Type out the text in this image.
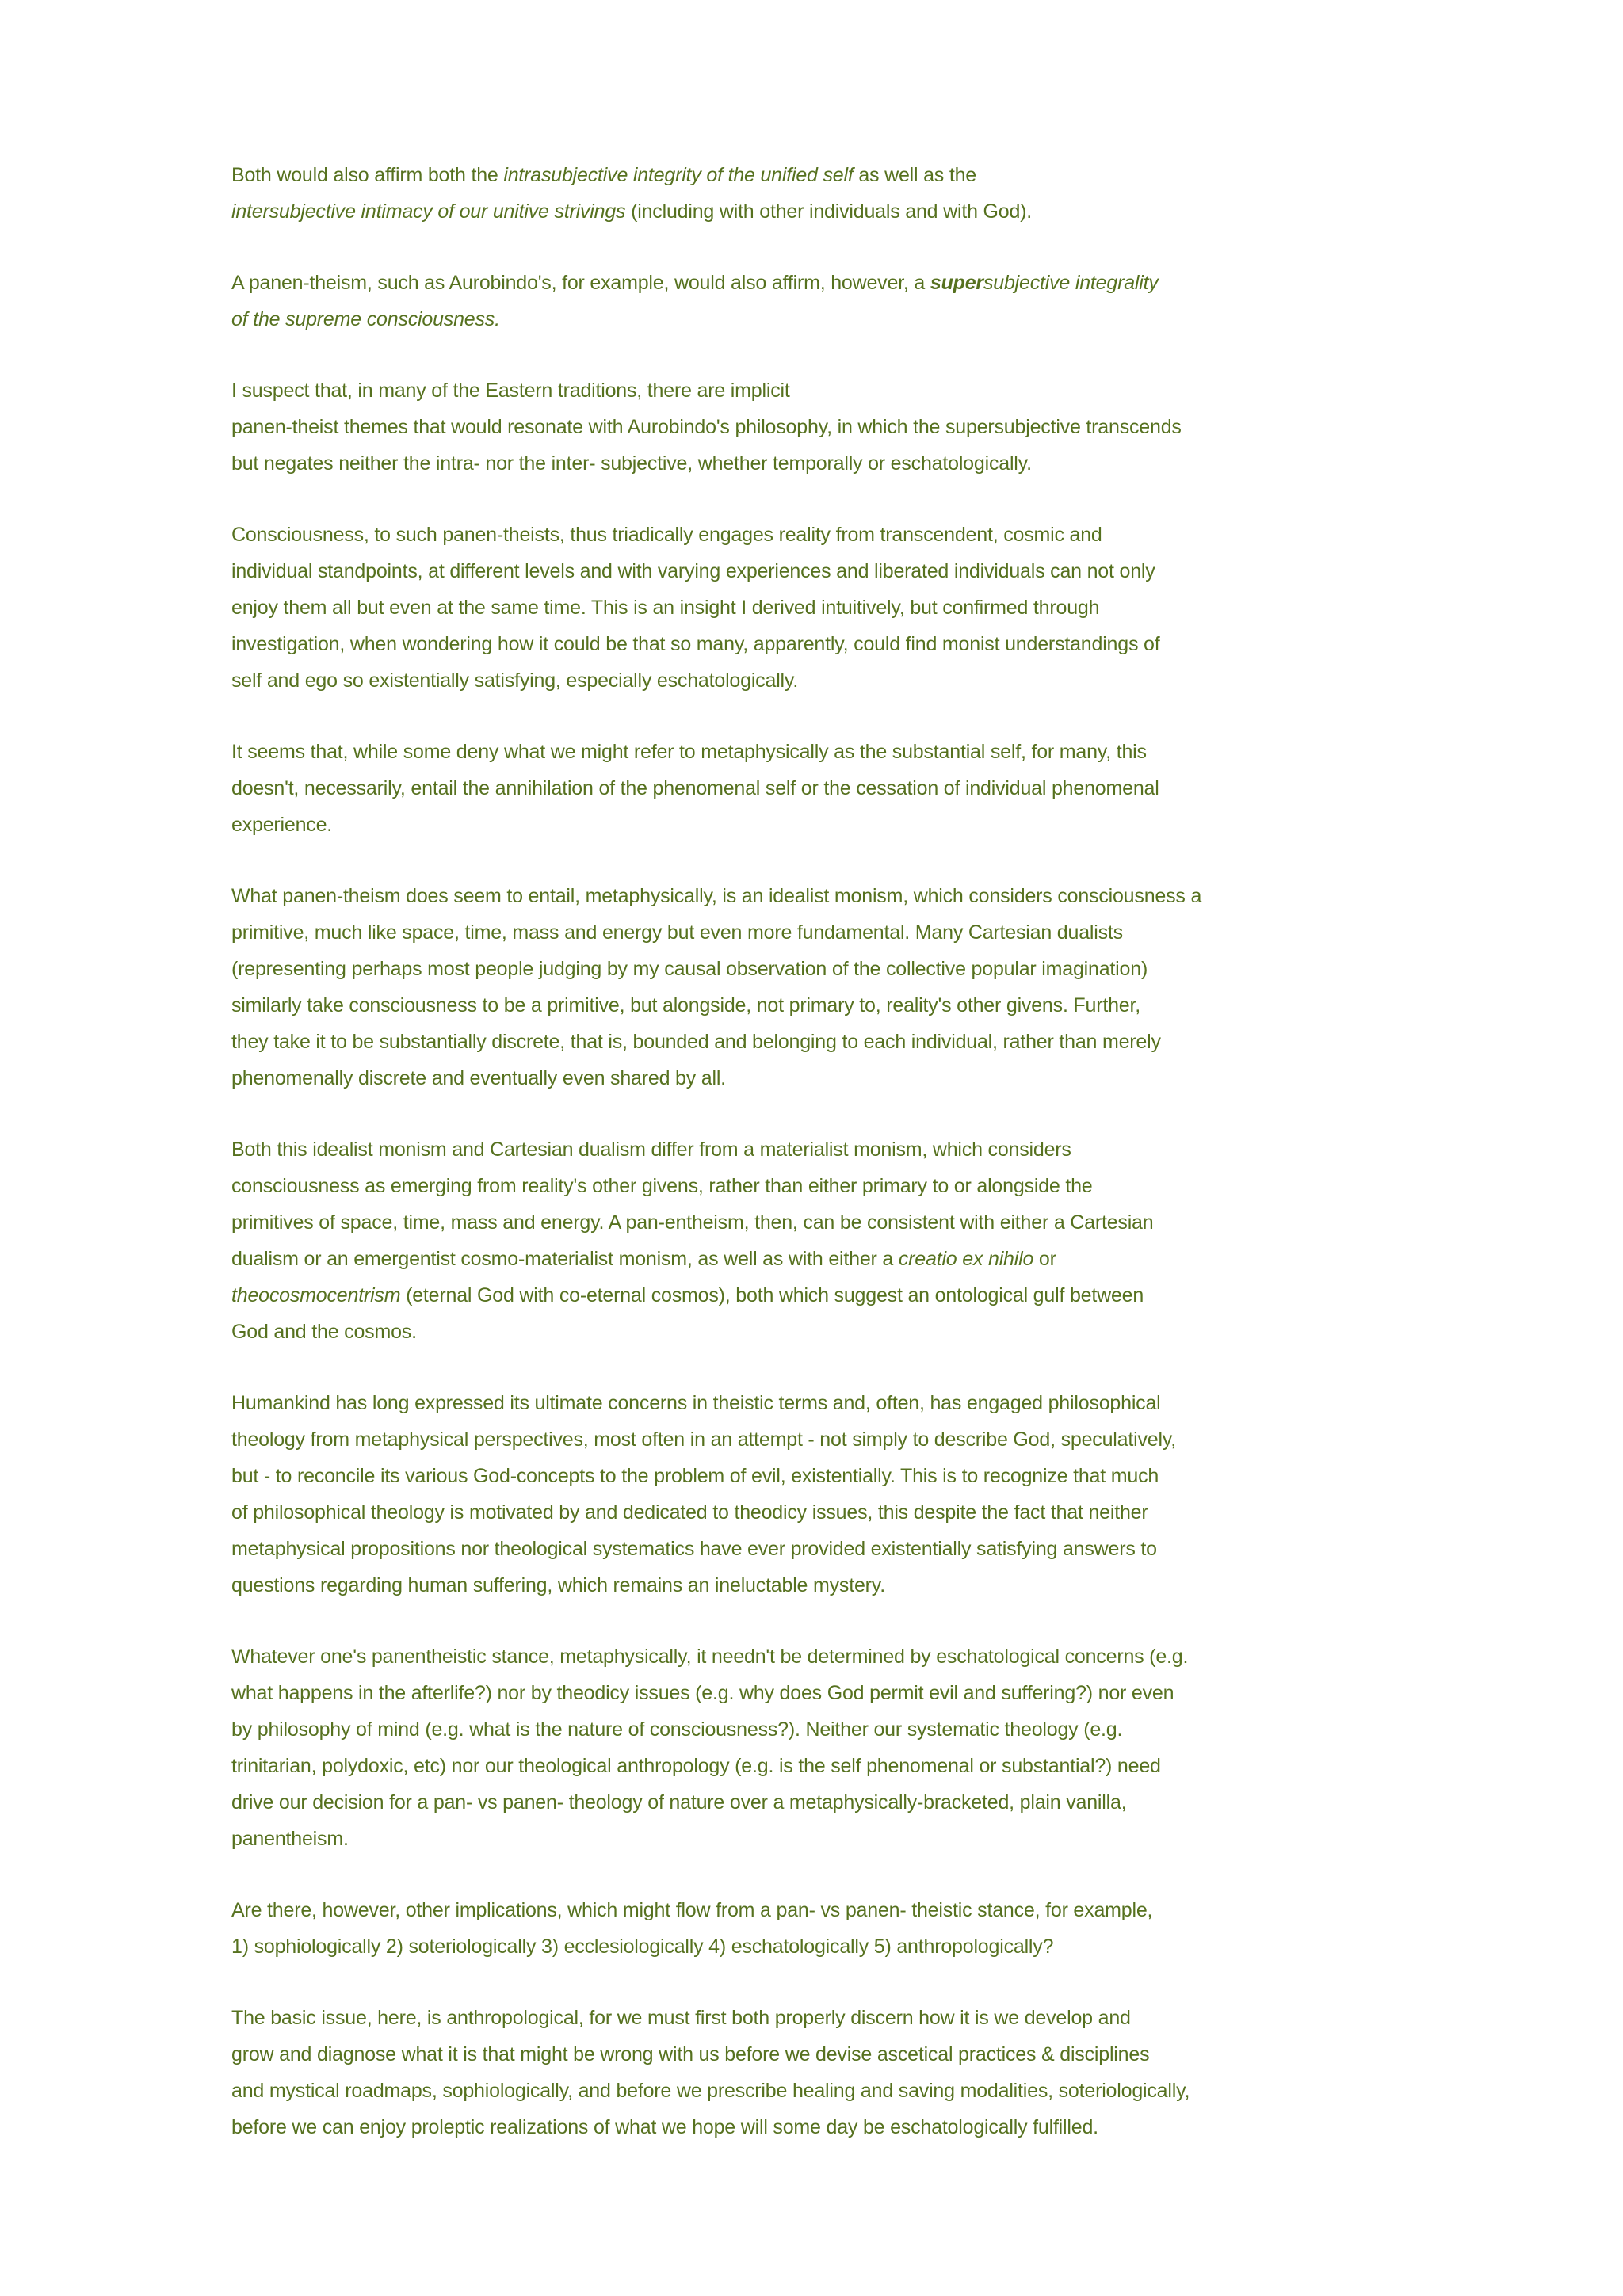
Both would also affirm both the intrasubjective integrity of the unified self as well as the
intersubjective intimacy of our unitive strivings (including with other individuals and with God).

A panen-theism, such as Aurobindo's, for example, would also affirm, however, a supersubjective integrality
of the supreme consciousness.

I suspect that, in many of the Eastern traditions, there are implicit
panen-theist themes that would resonate with Aurobindo's philosophy, in which the supersubjective transcends
but negates neither the intra- nor the inter- subjective, whether temporally or eschatologically.

Consciousness, to such panen-theists, thus triadically engages reality from transcendent, cosmic and
individual standpoints, at different levels and with varying experiences and liberated individuals can not only
enjoy them all but even at the same time. This is an insight I derived intuitively, but confirmed through
investigation, when wondering how it could be that so many, apparently, could find monist understandings of
self and ego so existentially satisfying, especially eschatologically.

It seems that, while some deny what we might refer to metaphysically as the substantial self, for many, this
doesn't, necessarily, entail the annihilation of the phenomenal self or the cessation of individual phenomenal
experience.

What panen-theism does seem to entail, metaphysically, is an idealist monism, which considers consciousness a
primitive, much like space, time, mass and energy but even more fundamental. Many Cartesian dualists
(representing perhaps most people judging by my causal observation of the collective popular imagination)
similarly take consciousness to be a primitive, but alongside, not primary to, reality's other givens. Further,
they take it to be substantially discrete, that is, bounded and belonging to each individual, rather than merely
phenomenally discrete and eventually even shared by all.

Both this idealist monism and Cartesian dualism differ from a materialist monism, which considers
consciousness as emerging from reality's other givens, rather than either primary to or alongside the
primitives of space, time, mass and energy. A pan-entheism, then, can be consistent with either a Cartesian
dualism or an emergentist cosmo-materialist monism, as well as with either a creatio ex nihilo or
theocosmocentrism (eternal God with co-eternal cosmos), both which suggest an ontological gulf between
God and the cosmos.

Humankind has long expressed its ultimate concerns in theistic terms and, often, has engaged philosophical
theology from metaphysical perspectives, most often in an attempt - not simply to describe God, speculatively,
but - to reconcile its various God-concepts to the problem of evil, existentially. This is to recognize that much
of philosophical theology is motivated by and dedicated to theodicy issues, this despite the fact that neither
metaphysical propositions nor theological systematics have ever provided existentially satisfying answers to
questions regarding human suffering, which remains an ineluctable mystery.

Whatever one's panentheistic stance, metaphysically, it needn't be determined by eschatological concerns (e.g.
what happens in the afterlife?) nor by theodicy issues (e.g. why does God permit evil and suffering?) nor even
by philosophy of mind (e.g. what is the nature of consciousness?). Neither our systematic theology (e.g.
trinitarian, polydoxic, etc) nor our theological anthropology (e.g. is the self phenomenal or substantial?) need
drive our decision for a pan- vs panen- theology of nature over a metaphysically-bracketed, plain vanilla,
panentheism.

Are there, however, other implications, which might flow from a pan- vs panen- theistic stance, for example,
1) sophiologically 2) soteriologically 3) ecclesiologically 4) eschatologically 5) anthropologically?

The basic issue, here, is anthropological, for we must first both properly discern how it is we develop and
grow and diagnose what it is that might be wrong with us before we devise ascetical practices & disciplines
and mystical roadmaps, sophiologically, and before we prescribe healing and saving modalities, soteriologically,
before we can enjoy proleptic realizations of what we hope will some day be eschatologically fulfilled.
